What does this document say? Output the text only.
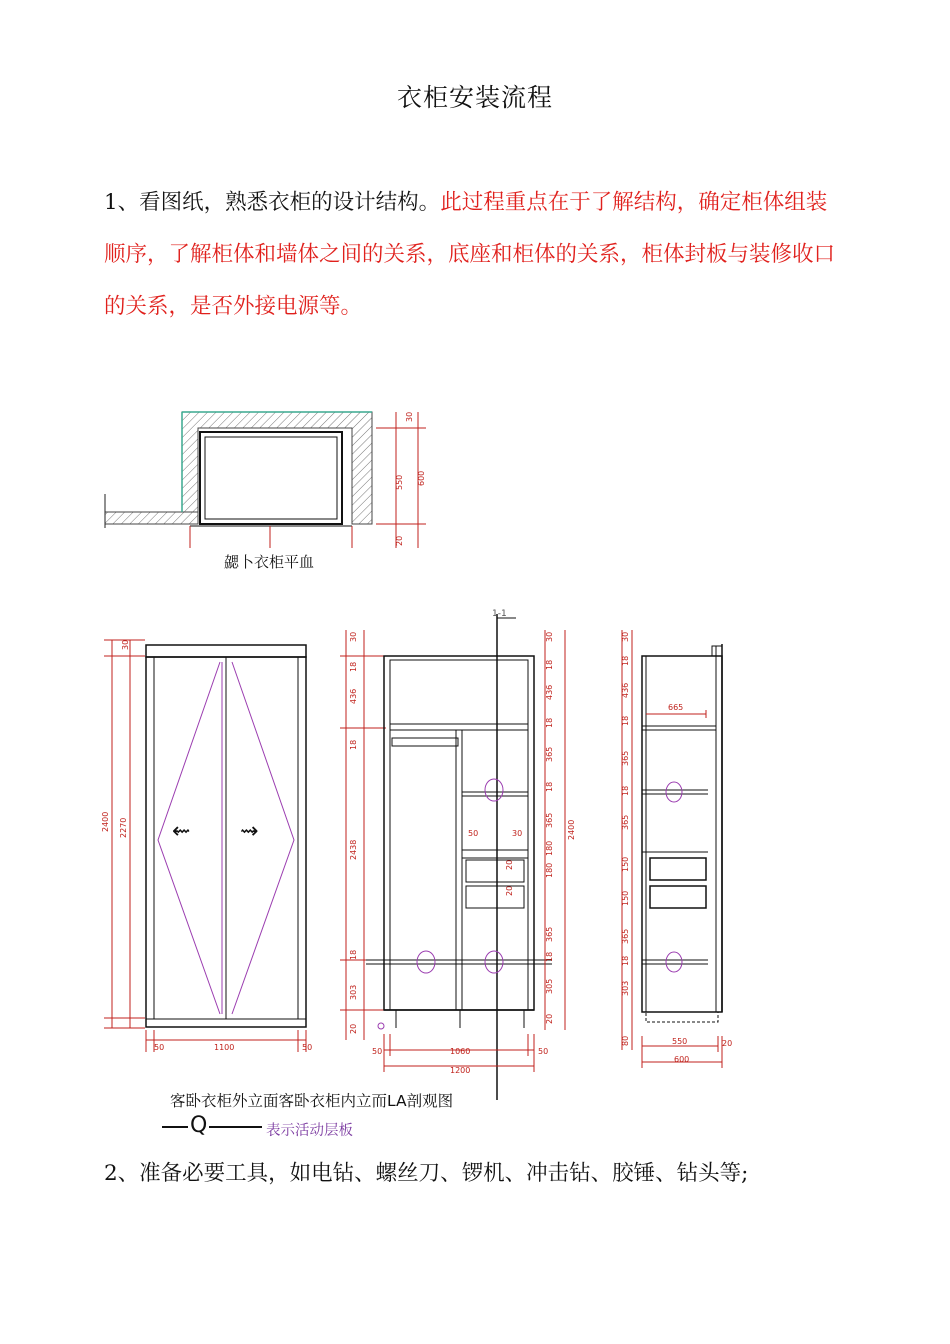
衣柜安装流程
1、看图纸，熟悉衣柜的设计结构。此过程重点在于了解结构，确定柜体组装顺序，了解柜体和墙体之间的关系，底座和柜体的关系，柜体封板与装修收口的关系，是否外接电源等。
30
550 600
20
2400 2270
30
⇜ ⇝
50	1100	50
30
18
436
18
2438
18
303
20
1-1
50	30
20
20
30
18
436
18
365
18
365
180
180
365
18
305
20
2400
50	1060	50
1200
30
18
436
18
365
18
365
150
150
365
18
303
80
665
550	20
600
勰卜衣柜平血
客卧衣柜外立面客卧衣柜内立而LA剖观图
Q	表示活动层板
2、准备必要工具，如电钻、螺丝刀、锣机、冲击钻、胶锤、钻头等;
